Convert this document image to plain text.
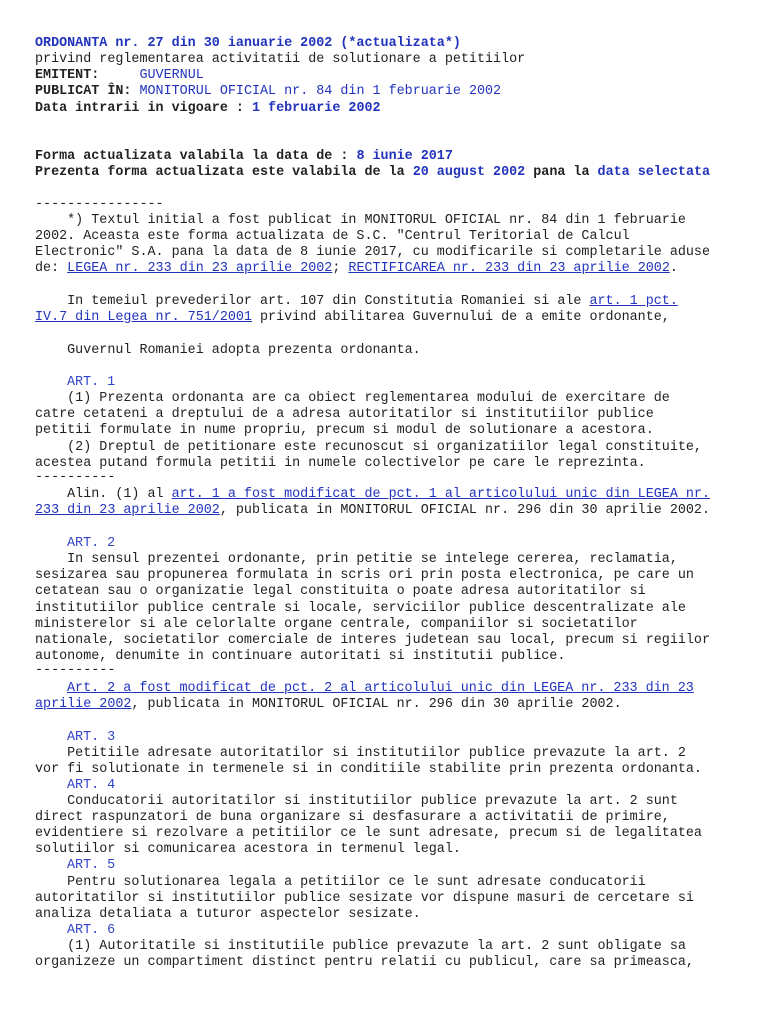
ORDONANTA nr. 27 din 30 ianuarie 2002 (*actualizata*)
privind reglementarea activitatii de solutionare a petitiilor
EMITENT:	GUVERNUL
PUBLICAT ÎN: MONITORUL OFICIAL nr. 84 din 1 februarie 2002
Data intrarii in vigoare : 1 februarie 2002
Forma actualizata valabila la data de : 8 iunie 2017
Prezenta forma actualizata este valabila de la 20 august 2002 pana la data selectata
----------------
*) Textul initial a fost publicat in MONITORUL OFICIAL nr. 84 din 1 februarie
2002. Aceasta este forma actualizata de S.C. "Centrul Teritorial de Calcul
Electronic" S.A. pana la data de 8 iunie 2017, cu modificarile si completarile aduse
de: LEGEA nr. 233 din 23 aprilie 2002; RECTIFICAREA nr. 233 din 23 aprilie 2002.
In temeiul prevederilor art. 107 din Constitutia Romaniei si ale art. 1 pct.
IV.7 din Legea nr. 751/2001 privind abilitarea Guvernului de a emite ordonante,
Guvernul Romaniei adopta prezenta ordonanta.
ART. 1
(1) Prezenta ordonanta are ca obiect reglementarea modului de exercitare de
catre cetateni a dreptului de a adresa autoritatilor si institutiilor publice
petitii formulate in nume propriu, precum si modul de solutionare a acestora.
(2) Dreptul de petitionare este recunoscut si organizatiilor legal constituite,
acestea putand formula petitii in numele colectivelor pe care le reprezinta.
----------
Alin. (1) al art. 1 a fost modificat de pct. 1 al articolului unic din LEGEA nr.
233 din 23 aprilie 2002, publicata in MONITORUL OFICIAL nr. 296 din 30 aprilie 2002.
ART. 2
In sensul prezentei ordonante, prin petitie se intelege cererea, reclamatia,
sesizarea sau propunerea formulata in scris ori prin posta electronica, pe care un
cetatean sau o organizatie legal constituita o poate adresa autoritatilor si
institutiilor publice centrale si locale, serviciilor publice descentralizate ale
ministerelor si ale celorlalte organe centrale, companiilor si societatilor
nationale, societatilor comerciale de interes judetean sau local, precum si regiilor
autonome, denumite in continuare autoritati si institutii publice.
----------
Art. 2 a fost modificat de pct. 2 al articolului unic din LEGEA nr. 233 din 23
aprilie 2002, publicata in MONITORUL OFICIAL nr. 296 din 30 aprilie 2002.
ART. 3
Petitiile adresate autoritatilor si institutiilor publice prevazute la art. 2
vor fi solutionate in termenele si in conditiile stabilite prin prezenta ordonanta.
ART. 4
Conducatorii autoritatilor si institutiilor publice prevazute la art. 2 sunt
direct raspunzatori de buna organizare si desfasurare a activitatii de primire,
evidentiere si rezolvare a petitiilor ce le sunt adresate, precum si de legalitatea
solutiilor si comunicarea acestora in termenul legal.
ART. 5
Pentru solutionarea legala a petitiilor ce le sunt adresate conducatorii
autoritatilor si institutiilor publice sesizate vor dispune masuri de cercetare si
analiza detaliata a tuturor aspectelor sesizate.
ART. 6
(1) Autoritatile si institutiile publice prevazute la art. 2 sunt obligate sa
organizeze un compartiment distinct pentru relatii cu publicul, care sa primeasca,
